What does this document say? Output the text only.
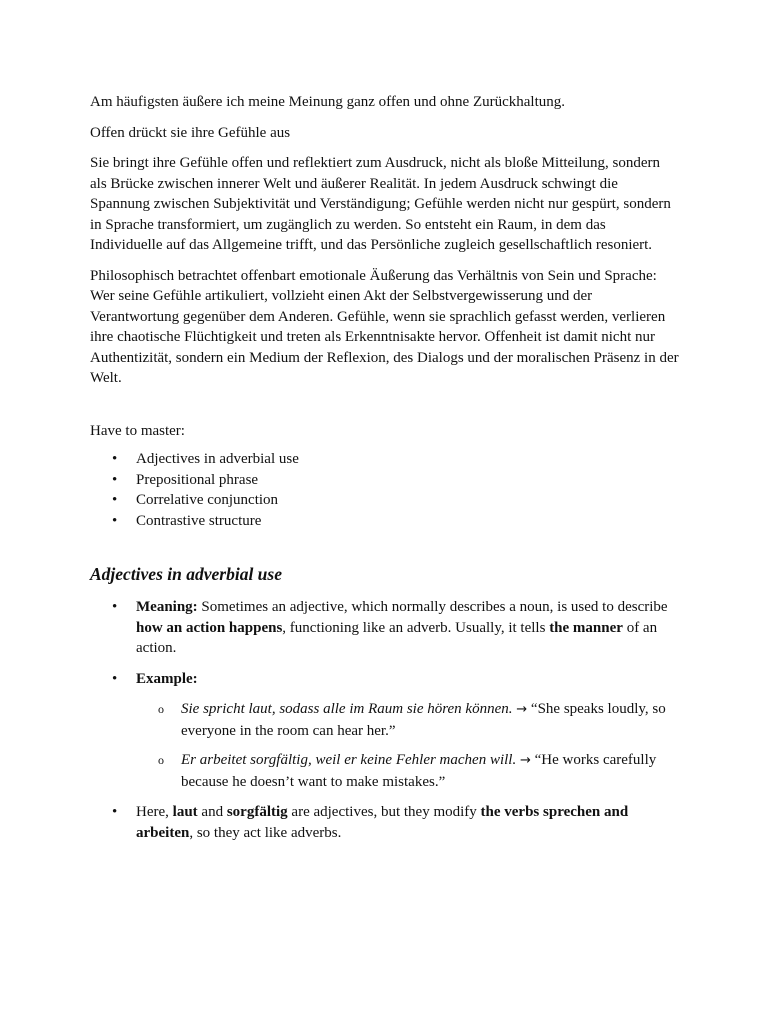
Am häufigsten äußere ich meine Meinung ganz offen und ohne Zurückhaltung.

Offen drückt sie ihre Gefühle aus

Sie bringt ihre Gefühle offen und reflektiert zum Ausdruck, nicht als bloße Mitteilung, sondern als Brücke zwischen innerer Welt und äußerer Realität. In jedem Ausdruck schwingt die Spannung zwischen Subjektivität und Verständigung; Gefühle werden nicht nur gespürt, sondern in Sprache transformiert, um zugänglich zu werden. So entsteht ein Raum, in dem das Individuelle auf das Allgemeine trifft, und das Persönliche zugleich gesellschaftlich resoniert.

Philosophisch betrachtet offenbart emotionale Äußerung das Verhältnis von Sein und Sprache: Wer seine Gefühle artikuliert, vollzieht einen Akt der Selbstvergewisserung und der Verantwortung gegenüber dem Anderen. Gefühle, wenn sie sprachlich gefasst werden, verlieren ihre chaotische Flüchtigkeit und treten als Erkenntnisakte hervor. Offenheit ist damit nicht nur Authentizität, sondern ein Medium der Reflexion, des Dialogs und der moralischen Präsenz in der Welt.

Have to master:

• Adjectives in adverbial use
• Prepositional phrase
• Correlative conjunction
• Contrastive structure
Adjectives in adverbial use
• Meaning: Sometimes an adjective, which normally describes a noun, is used to describe how an action happens, functioning like an adverb. Usually, it tells the manner of an action.
• Example:
o Sie spricht laut, sodass alle im Raum sie hören können. → “She speaks loudly, so everyone in the room can hear her.”
o Er arbeitet sorgfältig, weil er keine Fehler machen will. → “He works carefully because he doesn’t want to make mistakes.”
• Here, laut and sorgfältig are adjectives, but they modify the verbs sprechen and arbeiten, so they act like adverbs.
